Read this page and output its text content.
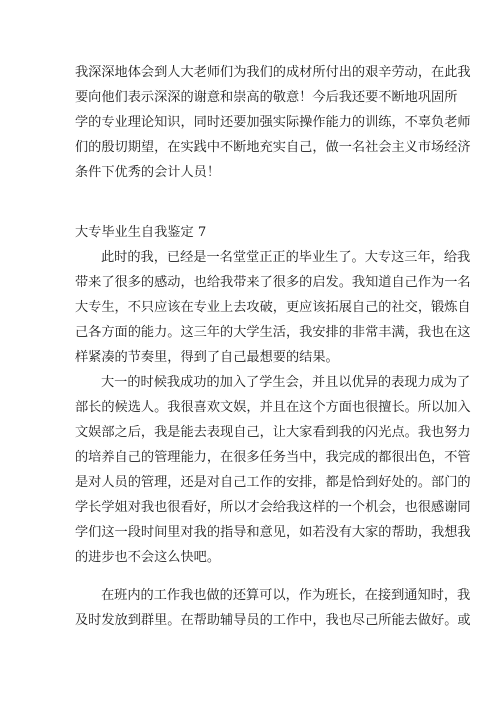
我深深地体会到人大老师们为我们的成材所付出的艰辛劳动，在此我
要向他们表示深深的谢意和崇高的敬意！今后我还要不断地巩固所
学的专业理论知识，同时还要加强实际操作能力的训练，不辜负老师
们的殷切期望，在实践中不断地充实自己，做一名社会主义市场经济
条件下优秀的会计人员！
大专毕业生自我鉴定 7
此时的我，已经是一名堂堂正正的毕业生了。大专这三年，给我
带来了很多的感动，也给我带来了很多的启发。我知道自己作为一名
大专生，不只应该在专业上去攻破，更应该拓展自己的社交，锻炼自
己各方面的能力。这三年的大学生活，我安排的非常丰满，我也在这
样紧凑的节奏里，得到了自己最想要的结果。
大一的时候我成功的加入了学生会，并且以优异的表现力成为了
部长的候选人。我很喜欢文娱，并且在这个方面也很擅长。所以加入
文娱部之后，我是能去表现自己，让大家看到我的闪光点。我也努力
的培养自己的管理能力，在很多任务当中，我完成的都很出色，不管
是对人员的管理，还是对自己工作的安排，都是恰到好处的。部门的
学长学姐对我也很看好，所以才会给我这样的一个机会，也很感谢同
学们这一段时间里对我的指导和意见，如若没有大家的帮助，我想我
的进步也不会这么快吧。
在班内的工作我也做的还算可以，作为班长，在接到通知时，我
及时发放到群里。在帮助辅导员的工作中，我也尽己所能去做好。或
